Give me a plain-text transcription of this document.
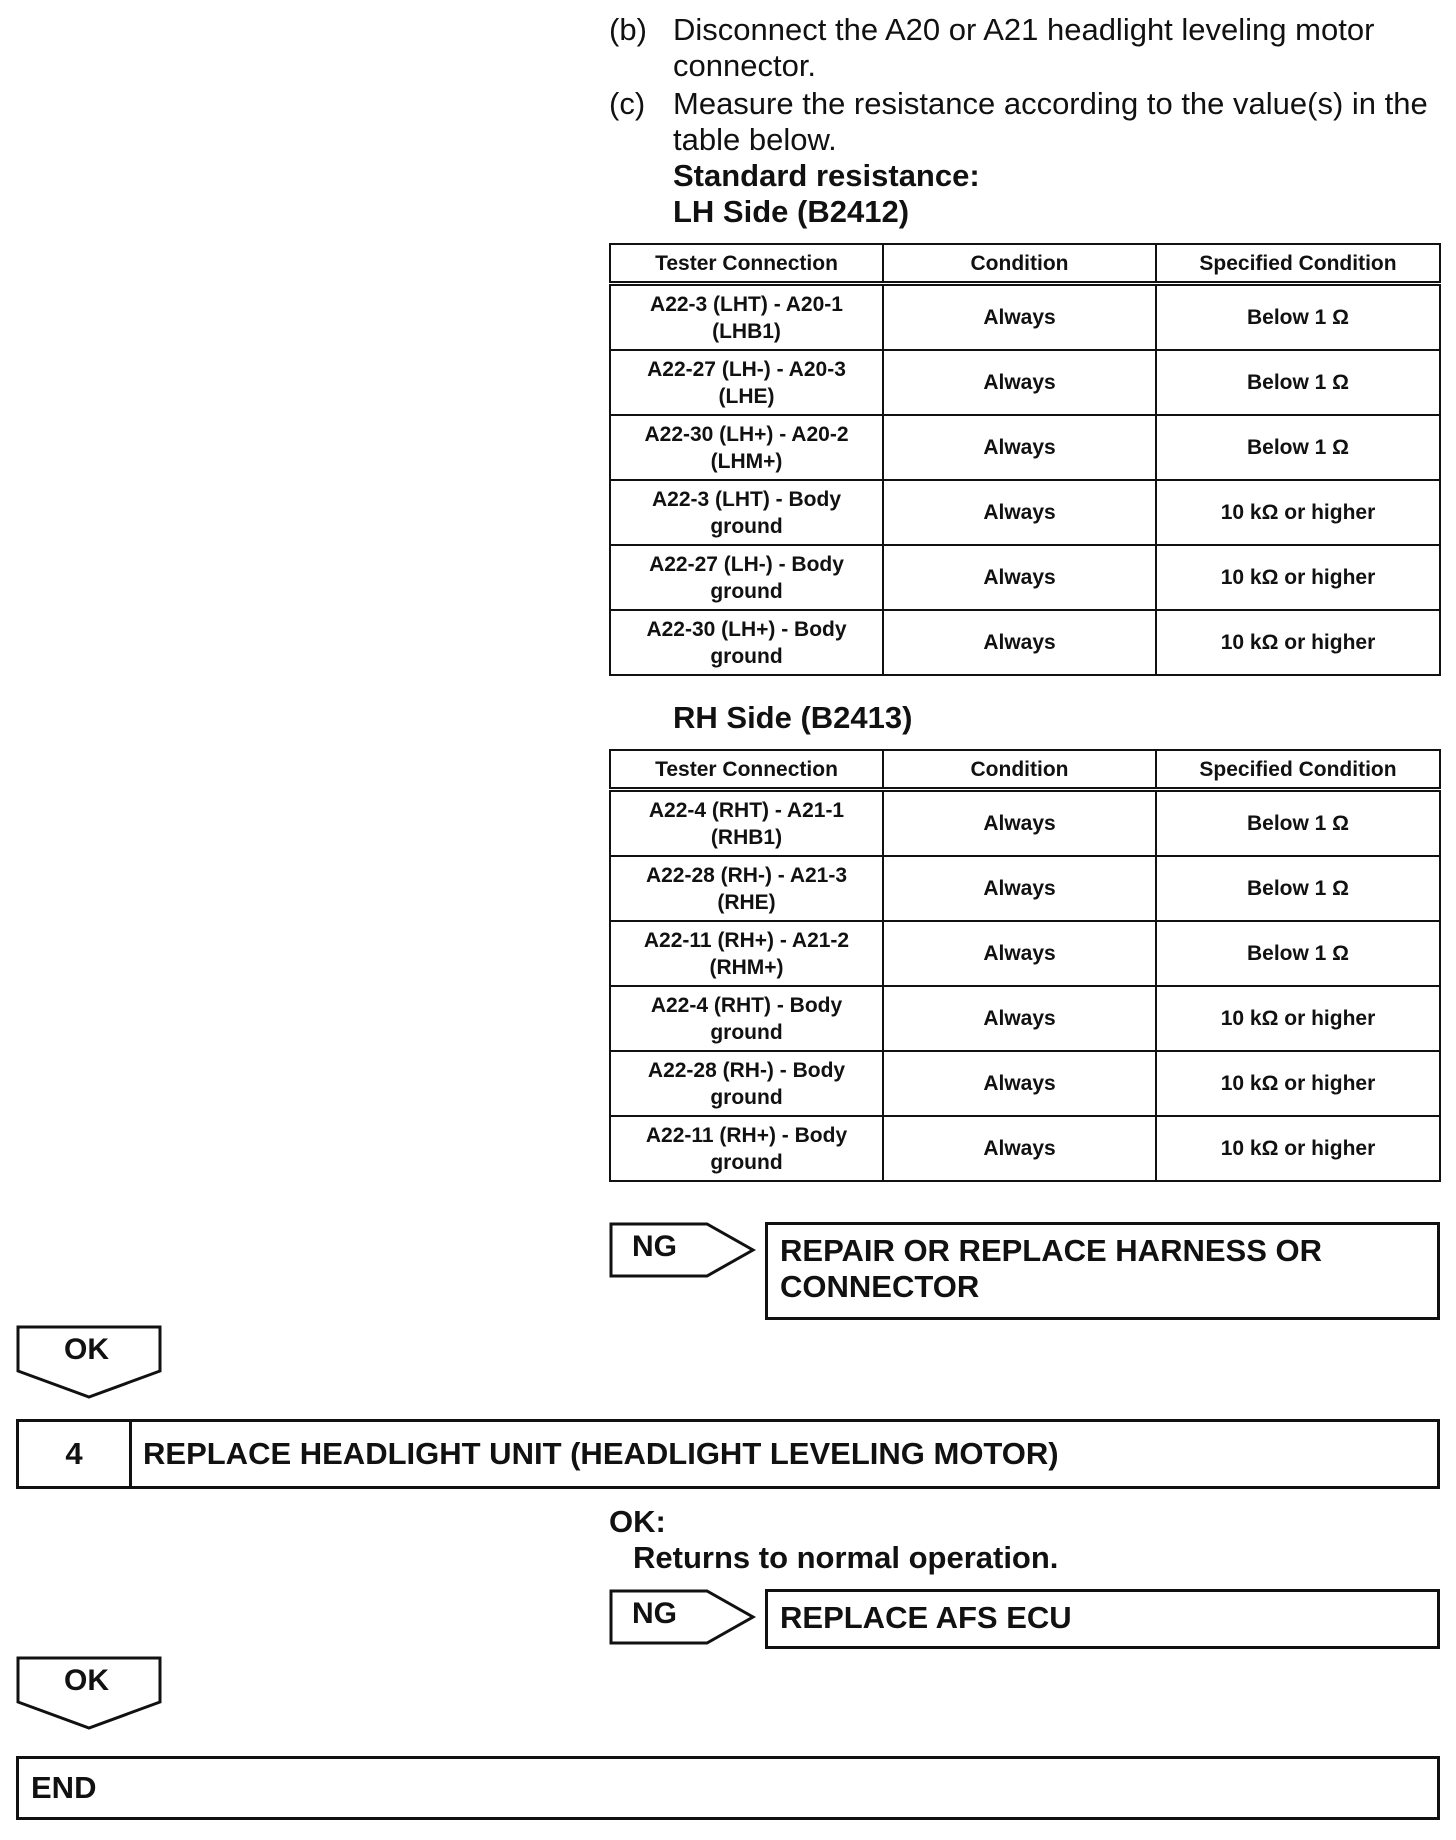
(b) Disconnect the A20 or A21 headlight leveling motor connector.
(c) Measure the resistance according to the value(s) in the table below.
Standard resistance:
LH Side (B2412)
Tester Connection	Condition	Specified Condition
A22-3 (LHT) - A20-1 (LHB1)	Always	Below 1 Ω
A22-27 (LH-) - A20-3 (LHE)	Always	Below 1 Ω
A22-30 (LH+) - A20-2 (LHM+)	Always	Below 1 Ω
A22-3 (LHT) - Body ground	Always	10 kΩ or higher
A22-27 (LH-) - Body ground	Always	10 kΩ or higher
A22-30 (LH+) - Body ground	Always	10 kΩ or higher
RH Side (B2413)
Tester Connection	Condition	Specified Condition
A22-4 (RHT) - A21-1 (RHB1)	Always	Below 1 Ω
A22-28 (RH-) - A21-3 (RHE)	Always	Below 1 Ω
A22-11 (RH+) - A21-2 (RHM+)	Always	Below 1 Ω
A22-4 (RHT) - Body ground	Always	10 kΩ or higher
A22-28 (RH-) - Body ground	Always	10 kΩ or higher
A22-11 (RH+) - Body ground	Always	10 kΩ or higher
NG	REPAIR OR REPLACE HARNESS OR CONNECTOR
OK
4	REPLACE HEADLIGHT UNIT (HEADLIGHT LEVELING MOTOR)
OK:
Returns to normal operation.
NG	REPLACE AFS ECU
OK
END
